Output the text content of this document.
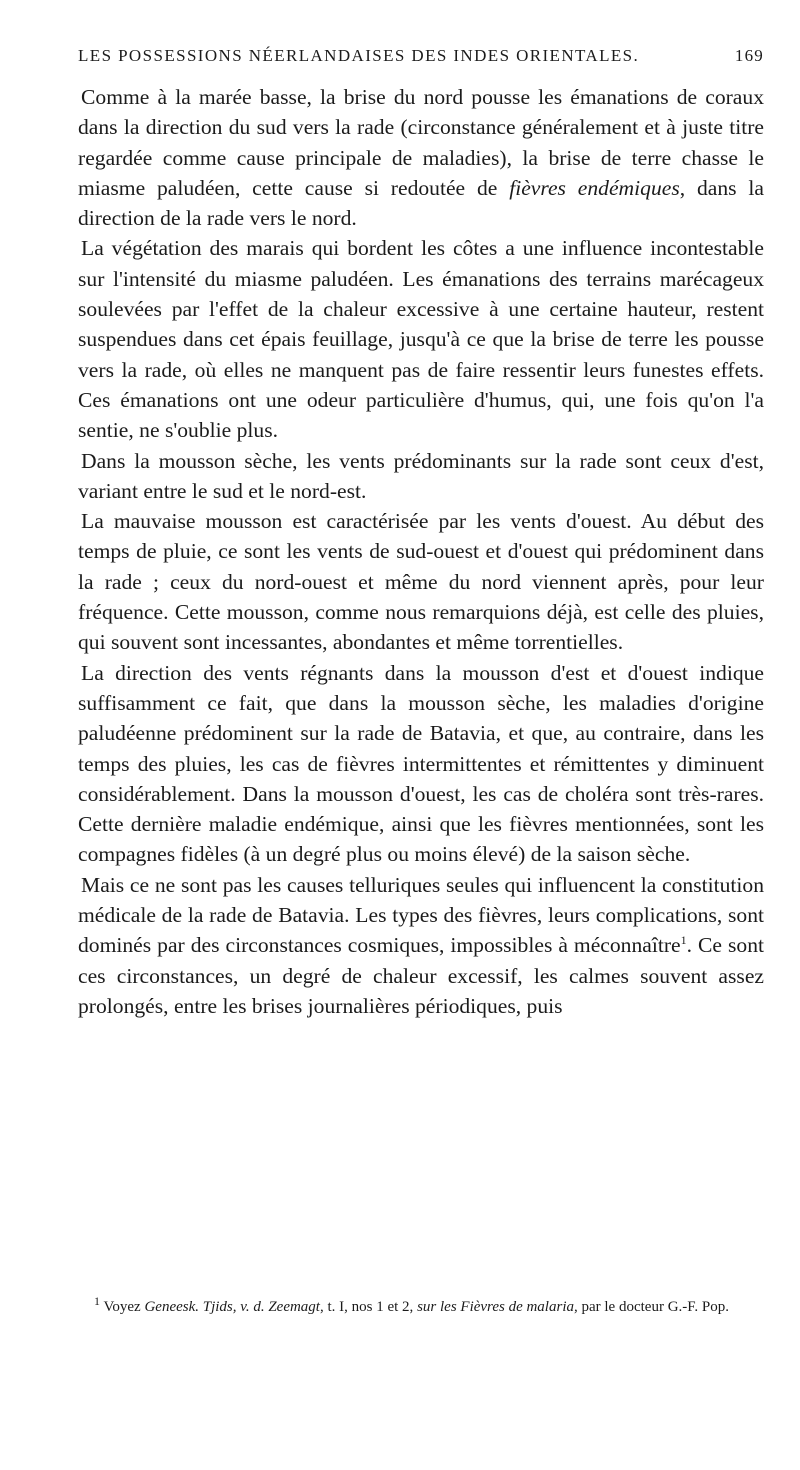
LES POSSESSIONS NÉERLANDAISES DES INDES ORIENTALES.	169

Comme à la marée basse, la brise du nord pousse les émanations de coraux dans la direction du sud vers la rade (circonstance généralement et à juste titre regardée comme cause principale de maladies), la brise de terre chasse le miasme paludéen, cette cause si redoutée de fièvres endémiques, dans la direction de la rade vers le nord.

La végétation des marais qui bordent les côtes a une influence incontestable sur l'intensité du miasme paludéen. Les émanations des terrains marécageux soulevées par l'effet de la chaleur excessive à une certaine hauteur, restent suspendues dans cet épais feuillage, jusqu'à ce que la brise de terre les pousse vers la rade, où elles ne manquent pas de faire ressentir leurs funestes effets. Ces émanations ont une odeur particulière d'humus, qui, une fois qu'on l'a sentie, ne s'oublie plus.

Dans la mousson sèche, les vents prédominants sur la rade sont ceux d'est, variant entre le sud et le nord-est.

La mauvaise mousson est caractérisée par les vents d'ouest. Au début des temps de pluie, ce sont les vents de sud-ouest et d'ouest qui prédominent dans la rade ; ceux du nord-ouest et même du nord viennent après, pour leur fréquence. Cette mousson, comme nous remarquions déjà, est celle des pluies, qui souvent sont incessantes, abondantes et même torrentielles.

La direction des vents régnants dans la mousson d'est et d'ouest indique suffisamment ce fait, que dans la mousson sèche, les maladies d'origine paludéenne prédominent sur la rade de Batavia, et que, au contraire, dans les temps des pluies, les cas de fièvres intermittentes et rémittentes y diminuent considérablement. Dans la mousson d'ouest, les cas de choléra sont très-rares. Cette dernière maladie endémique, ainsi que les fièvres mentionnées, sont les compagnes fidèles (à un degré plus ou moins élevé) de la saison sèche.

Mais ce ne sont pas les causes telluriques seules qui influencent la constitution médicale de la rade de Batavia. Les types des fièvres, leurs complications, sont dominés par des circonstances cosmiques, impossibles à méconnaître$^1$. Ce sont ces circonstances, un degré de chaleur excessif, les calmes souvent assez prolongés, entre les brises journalières périodiques, puis

$^1$ Voyez Geneesk. Tjids, v. d. Zeemagt, t. I, nos 1 et 2, sur les Fièvres de malaria, par le docteur G.-F. Pop.
